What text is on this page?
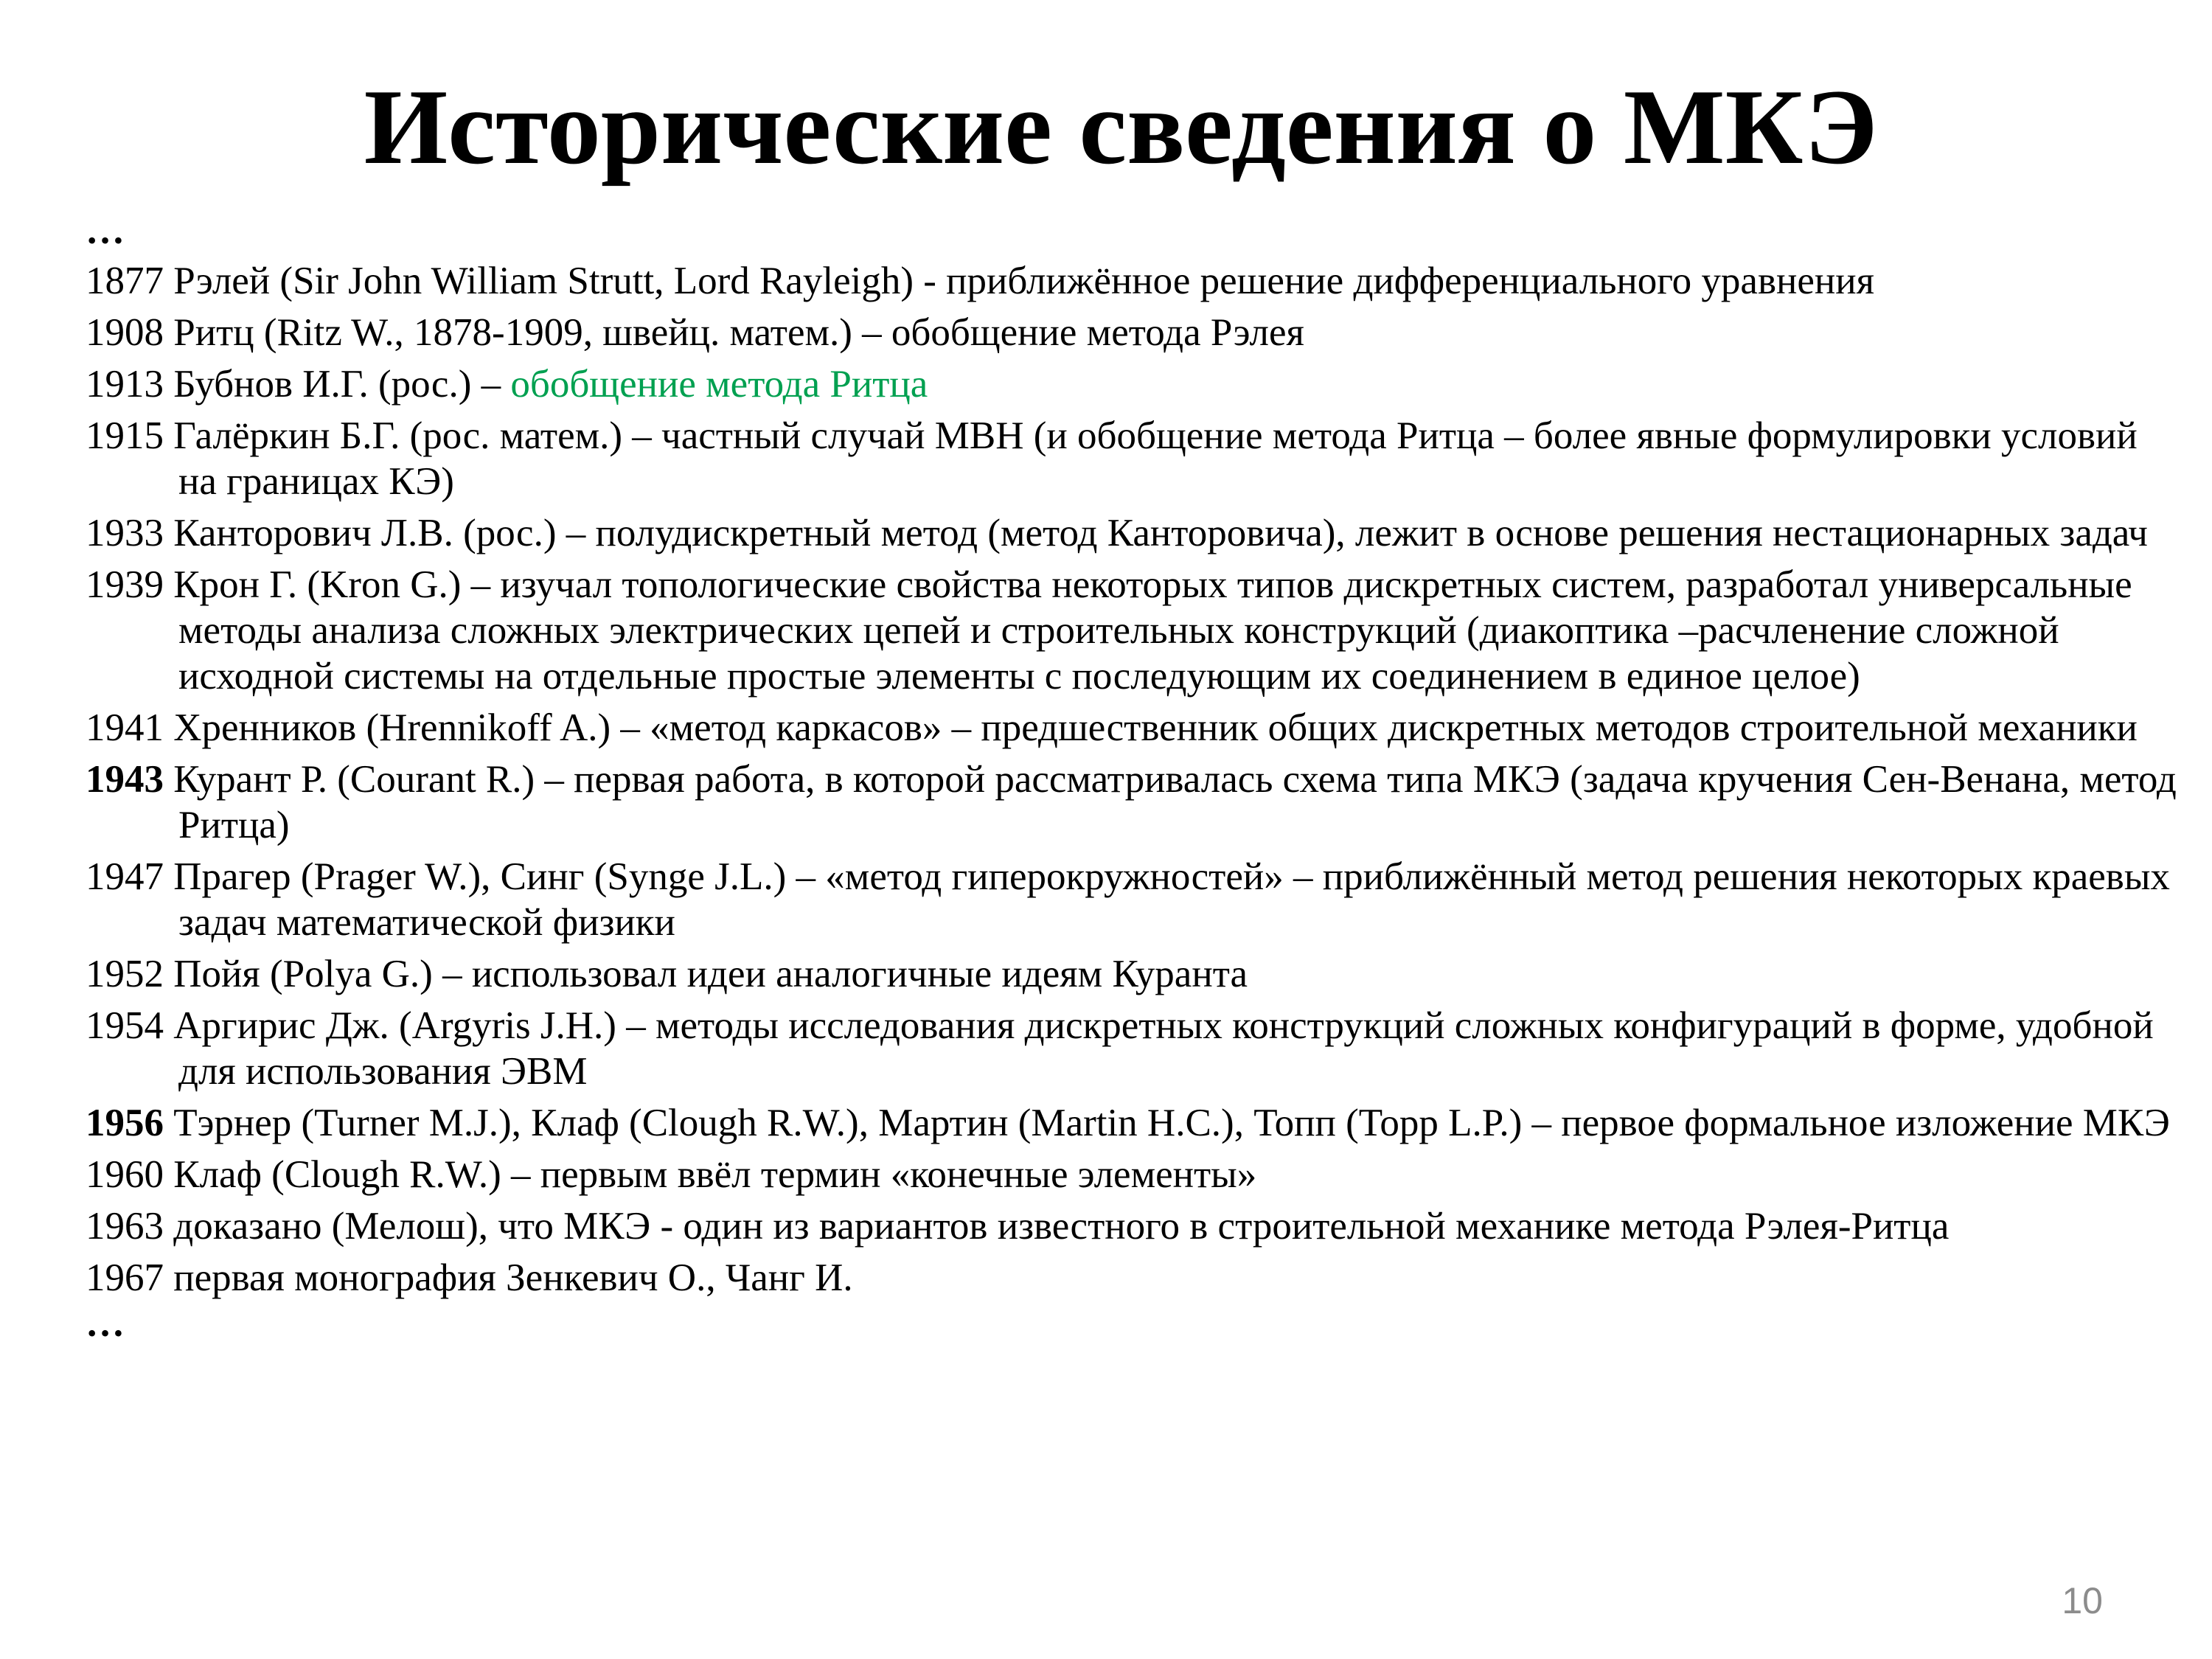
Исторические сведения о МКЭ
…
1877 Рэлей (Sir John William Strutt, Lord Rayleigh) - приближённое решение дифференциального уравнения
1908 Ритц (Ritz W., 1878-1909, швейц. матем.) – обобщение метода Рэлея
1913 Бубнов И.Г. (рос.) – обобщение метода Ритца
1915 Галёркин Б.Г. (рос. матем.) – частный случай МВН (и обобщение метода Ритца – более явные формулировки условий на границах КЭ)
1933 Канторович Л.В. (рос.) – полудискретный метод (метод Канторовича), лежит в основе решения нестационарных задач
1939 Крон Г. (Kron G.) – изучал топологические свойства некоторых типов дискретных систем, разработал универсальные методы анализа сложных электрических цепей и строительных конструкций (диакоптика –расчленение сложной исходной системы на отдельные простые элементы с последующим их соединением в единое целое)
1941 Хренников (Hrennikoff A.) – «метод каркасов» – предшественник общих дискретных методов строительной механики
1943 Курант Р. (Courant R.) – первая работа, в которой рассматривалась схема типа МКЭ (задача кручения Сен-Венана, метод Ритца)
1947 Прагер (Prager W.), Синг (Synge J.L.) – «метод гиперокружностей» – приближённый метод решения некоторых краевых задач математической физики
1952 Пойя (Polya G.) – использовал идеи аналогичные идеям Куранта
1954 Аргирис Дж. (Argyris J.H.) – методы исследования дискретных конструкций сложных конфигураций в форме, удобной для использования ЭВМ
1956 Тэрнер (Turner M.J.), Клаф (Clough R.W.), Мартин (Martin H.C.), Топп (Topp L.P.) – первое формальное изложение МКЭ
1960 Клаф (Clough R.W.) – первым ввёл термин «конечные элементы»
1963 доказано (Мелош), что МКЭ - один из вариантов известного в строительной механике метода Рэлея-Ритца
1967 первая монография Зенкевич О., Чанг И.
…
10
